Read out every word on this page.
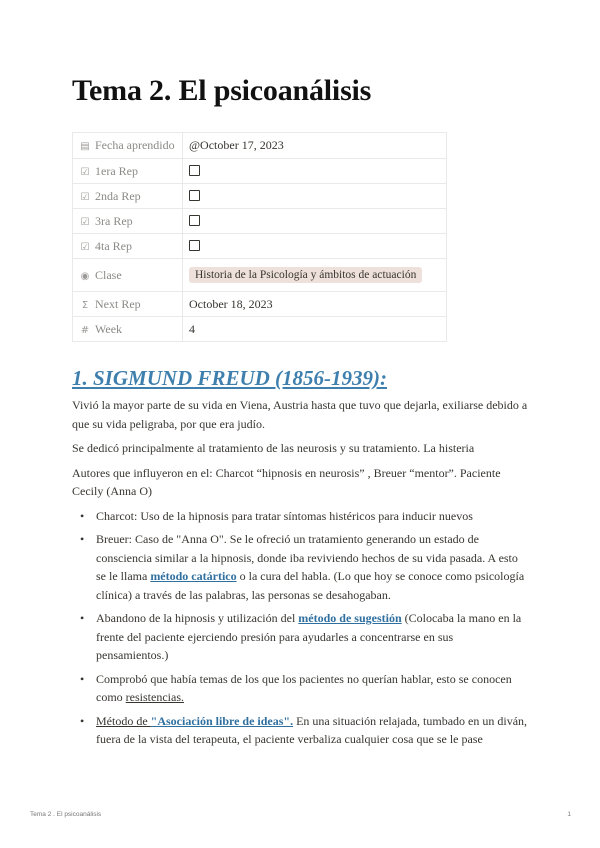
Tema 2. El psicoanálisis
▤ Fecha aprendido	@October 17, 2023
☑ 1era Rep	
☑ 2nda Rep	
☑ 3ra Rep	
☑ 4ta Rep	
◉ Clase	Historia de la Psicología y ámbitos de actuación
Σ Next Rep	October 18, 2023
# Week	4
1. SIGMUND FREUD (1856-1939):

Vivió la mayor parte de su vida en Viena, Austria hasta que tuvo que dejarla, exiliarse debido a que su vida peligraba, por que era judío.

Se dedicó principalmente al tratamiento de las neurosis y su tratamiento. La histeria

Autores que influyeron en el: Charcot “hipnosis en neurosis” , Breuer “mentor”. Paciente Cecily (Anna O)

• Charcot: Uso de la hipnosis para tratar síntomas histéricos para inducir nuevos
• Breuer: Caso de "Anna O". Se le ofreció un tratamiento generando un estado de consciencia similar a la hipnosis, donde iba reviviendo hechos de su vida pasada. A esto se le llama método catártico o la cura del habla. (Lo que hoy se conoce como psicología clínica) a través de las palabras, las personas se desahogaban.
• Abandono de la hipnosis y utilización del método de sugestión (Colocaba la mano en la frente del paciente ejerciendo presión para ayudarles a concentrarse en sus pensamientos.)
• Comprobó que había temas de los que los pacientes no querían hablar, esto se conocen como resistencias.
• Método de "Asociación libre de ideas". En una situación relajada, tumbado en un diván, fuera de la vista del terapeuta, el paciente verbaliza cualquier cosa que se le pase
Tema 2 . El psicoanálisis	1
